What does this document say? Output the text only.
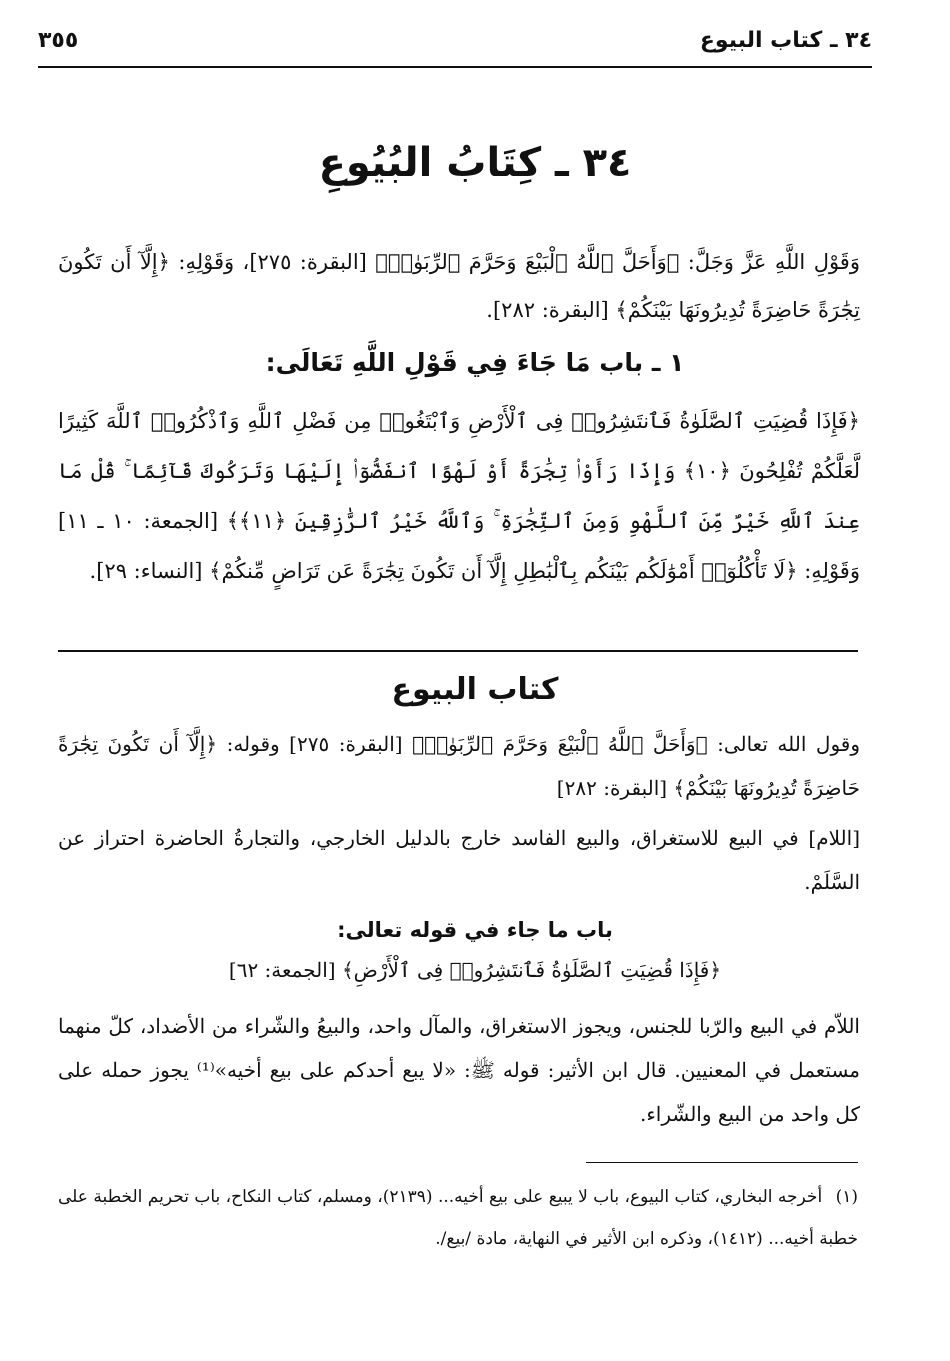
٣٤ ـ كتاب البيوع
٣٥٥
٣٤ ـ كِتَابُ البُيُوعِ
وَقَوْلِ اللَّهِ عَزَّ وَجَلَّ: ﴿وَأَحَلَّ ٱللَّهُ ٱلْبَيْعَ وَحَرَّمَ ٱلرِّبَوٰا۟﴾ [البقرة: ٢٧٥]، وَقَوْلِهِ: ﴿إِلَّآ أَن تَكُونَ تِجَٰرَةً حَاضِرَةً تُدِيرُونَهَا بَيْنَكُمْ﴾ [البقرة: ٢٨٢].
١ ـ باب مَا جَاءَ فِي قَوْلِ اللَّهِ تَعَالَى:
﴿فَإِذَا قُضِيَتِ ٱلصَّلَوٰةُ فَٱنتَشِرُوا۟ فِى ٱلْأَرْضِ وَٱبْتَغُوا۟ مِن فَضْلِ ٱللَّهِ وَٱذْكُرُوا۟ ٱللَّهَ كَثِيرًا لَّعَلَّكُمْ تُفْلِحُونَ ﴿١٠﴾ وَإِذَا رَأَوْا۟ تِجَٰرَةً أَوْ لَهْوًا ٱنفَضُّوٓا۟ إِلَيْهَا وَتَرَكُوكَ قَآئِمًا ۚ قُلْ مَا عِندَ ٱللَّهِ خَيْرٌ مِّنَ ٱللَّهْوِ وَمِنَ ٱلتِّجَٰرَةِ ۚ وَٱللَّهُ خَيْرُ ٱلرَّٰزِقِينَ ﴿١١﴾﴾ [الجمعة: ١٠ ـ ١١] وَقَوْلِهِ: ﴿لَا تَأْكُلُوٓا۟ أَمْوَٰلَكُم بَيْنَكُم بِٱلْبَٰطِلِ إِلَّآ أَن تَكُونَ تِجَٰرَةً عَن تَرَاضٍ مِّنكُمْ﴾ [النساء: ٢٩].
كتاب البيوع
وقول الله تعالى: ﴿وَأَحَلَّ ٱللَّهُ ٱلْبَيْعَ وَحَرَّمَ ٱلرِّبَوٰا۟﴾ [البقرة: ٢٧٥] وقوله: ﴿إِلَّآ أَن تَكُونَ تِجَٰرَةً حَاضِرَةً تُدِيرُونَهَا بَيْنَكُمْ﴾ [البقرة: ٢٨٢]
[اللام] في البيع للاستغراق، والبيع الفاسد خارج بالدليل الخارجي، والتجارةُ الحاضرة احتراز عن السَّلَمْ.
باب ما جاء في قوله تعالى:
﴿فَإِذَا قُضِيَتِ ٱلصَّلَوٰةُ فَٱنتَشِرُوا۟ فِى ٱلْأَرْضِ﴾ [الجمعة: ٦٢]
اللاّم في البيع والرّبا للجنس، ويجوز الاستغراق، والمآل واحد، والبيعُ والشّراء من الأضداد، كلّ منهما مستعمل في المعنيين. قال ابن الأثير: قوله ﷺ: «لا يبع أحدكم على بيع أخيه»⁽¹⁾ يجوز حمله على كل واحد من البيع والشّراء.
(١) أخرجه البخاري، كتاب البيوع، باب لا يبيع على بيع أخيه... (٢١٣٩)، ومسلم، كتاب النكاح، باب تحريم الخطبة على خطبة أخيه... (١٤١٢)، وذكره ابن الأثير في النهاية، مادة /بيع/.
